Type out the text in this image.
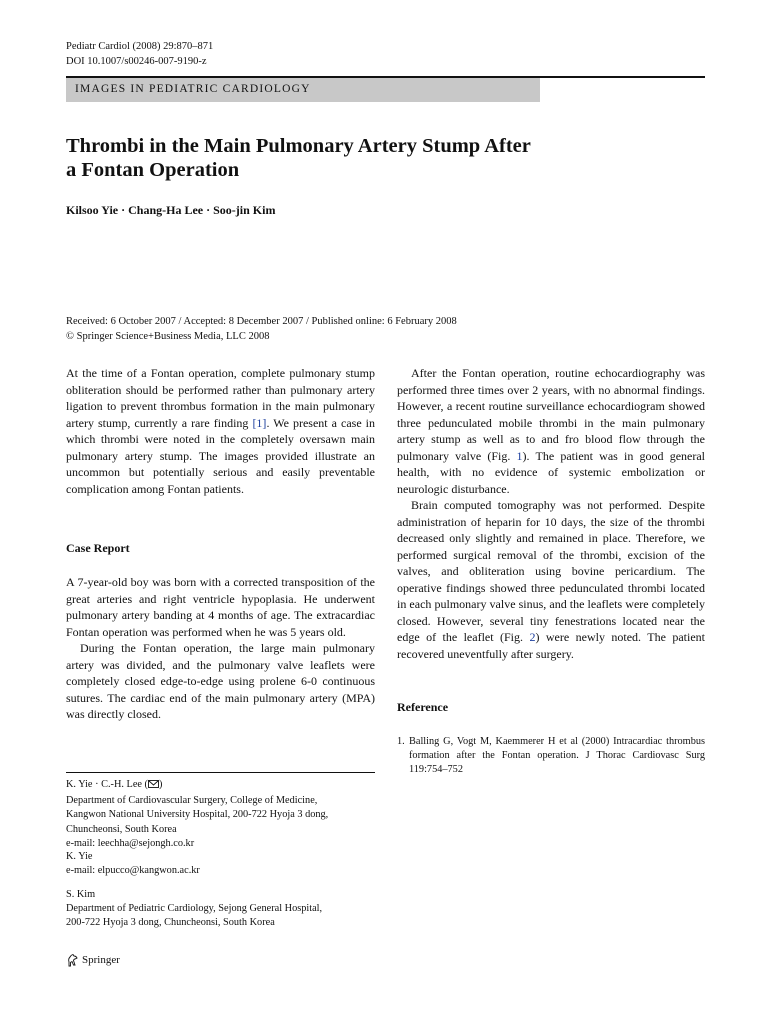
Pediatr Cardiol (2008) 29:870–871
DOI 10.1007/s00246-007-9190-z
IMAGES IN PEDIATRIC CARDIOLOGY
Thrombi in the Main Pulmonary Artery Stump After
a Fontan Operation
Kilsoo Yie · Chang-Ha Lee · Soo-jin Kim
Received: 6 October 2007 / Accepted: 8 December 2007 / Published online: 6 February 2008
© Springer Science+Business Media, LLC 2008

At the time of a Fontan operation, complete pulmonary stump obliteration should be performed rather than pulmonary artery ligation to prevent thrombus formation in the main pulmonary artery stump, currently a rare finding [1]. We present a case in which thrombi were noted in the completely oversawn main pulmonary artery stump. The images provided illustrate an uncommon but potentially serious and easily preventable complication among Fontan patients.

Case Report

A 7-year-old boy was born with a corrected transposition of the great arteries and right ventricle hypoplasia. He underwent pulmonary artery banding at 4 months of age. The extracardiac Fontan operation was performed when he was 5 years old.

During the Fontan operation, the large main pulmonary artery was divided, and the pulmonary valve leaflets were completely closed edge-to-edge using prolene 6-0 continuous sutures. The cardiac end of the main pulmonary artery (MPA) was directly closed.

After the Fontan operation, routine echocardiography was performed three times over 2 years, with no abnormal findings. However, a recent routine surveillance echocardiogram showed three pedunculated mobile thrombi in the main pulmonary artery stump as well as to and fro blood flow through the pulmonary valve (Fig. 1). The patient was in good general health, with no evidence of systemic embolization or neurologic disturbance.

Brain computed tomography was not performed. Despite administration of heparin for 10 days, the size of the thrombi decreased only slightly and remained in place. Therefore, we performed surgical removal of the thrombi, excision of the valves, and obliteration using bovine pericardium. The operative findings showed three pedunculated thrombi located in each pulmonary valve sinus, and the leaflets were completely closed. However, several tiny fenestrations located near the edge of the leaflet (Fig. 2) were newly noted. The patient recovered uneventfully after surgery.

Reference
1. Balling G, Vogt M, Kaemmerer H et al (2000) Intracardiac thrombus formation after the Fontan operation. J Thorac Cardiovasc Surg 119:754–752
K. Yie · C.-H. Lee ( )
Department of Cardiovascular Surgery, College of Medicine,
Kangwon National University Hospital, 200-722 Hyoja 3 dong,
Chuncheonsi, South Korea
e-mail: leechha@sejongh.co.kr
K. Yie
e-mail: elpucco@kangwon.ac.kr
S. Kim
Department of Pediatric Cardiology, Sejong General Hospital,
200-722 Hyoja 3 dong, Chuncheonsi, South Korea
Springer
